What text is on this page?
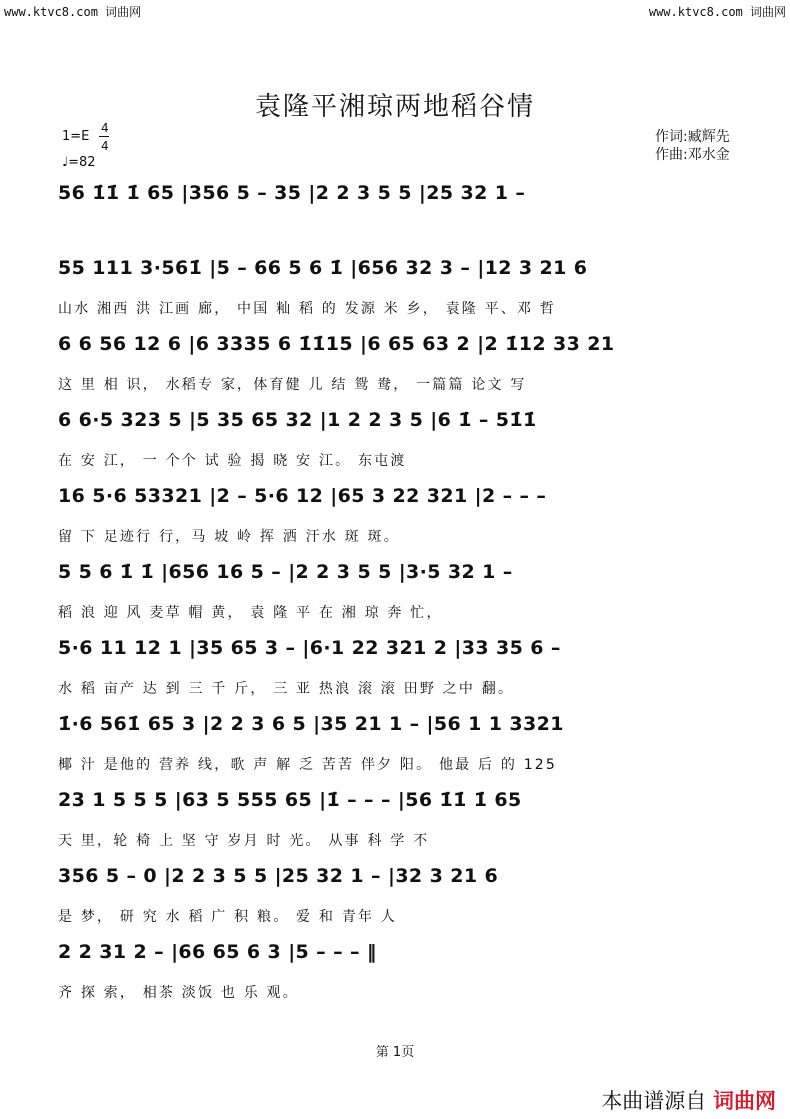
www.ktvc8.com 词曲网	www.ktvc8.com 词曲网
袁隆平湘琼两地稻谷情
1=E
4
4
♩=82
作词:臧辉先
作曲:邓水金
56 1̇1̇ 1̇ 65 |356 5 – 35 |2 2 3 5 5 |25 32 1 –
55 111 3·561̇ |5 – 66 5 6 1̇ |656 32 3 – |12 3 21 6
山水 湘西 洪 江画 廊， 中国 籼 稻 的 发源 米 乡， 袁隆 平、邓 哲
6 6 56 12 6 |6 3335 6 1̇1̇15 |6 65 63 2 |2 1̇12 33 21
这 里 相 识， 水稻专 家，体育健 儿 结 鸳 鸯， 一篇篇 论文 写
6 6·5 323 5 |5 35 65 32 |1 2 2 3 5 |6 1̇ – 51̇1̇
在 安 江， 一 个个 试 验 揭 晓 安 江。 东屯渡
16 5·6 53321 |2 – 5·6 12 |65 3 22 321 |2 – – –
留 下 足迹行 行，马 坡 岭 挥 洒 汗水 斑 斑。
5 5 6 1̇ 1̇ |656 16 5 – |2 2 3 5 5 |3·5 32 1 –
稻 浪 迎 风 麦草 帽 黄， 袁 隆 平 在 湘 琼 奔 忙，
5·6 11 12 1 |35 65 3 – |6·1 22 321 2 |33 35 6 –
水 稻 亩产 达 到 三 千 斤， 三 亚 热浪 滚 滚 田野 之中 翻。
1̇·6 561̇ 65 3 |2 2 3 6 5 |35 21 1 – |56 1 1 3321
椰 汁 是他的 营养 线，歌 声 解 乏 苦苦 伴夕 阳。 他最 后 的 125
23 1 5 5 5 |63 5 555 65 |1̇ – – – |56 1̇1̇ 1̇ 65
天 里，轮 椅 上 坚 守 岁月 时 光。 从事 科 学 不
356 5 – 0 |2 2 3 5 5 |25 32 1 – |32 3 21 6
是 梦， 研 究 水 稻 广 积 粮。 爱 和 青年 人
2 2 31 2 – |66 65 6 3 |5 – – – ‖
齐 探 索， 相茶 淡饭 也 乐 观。
第 1页
本曲谱源自 词曲网
